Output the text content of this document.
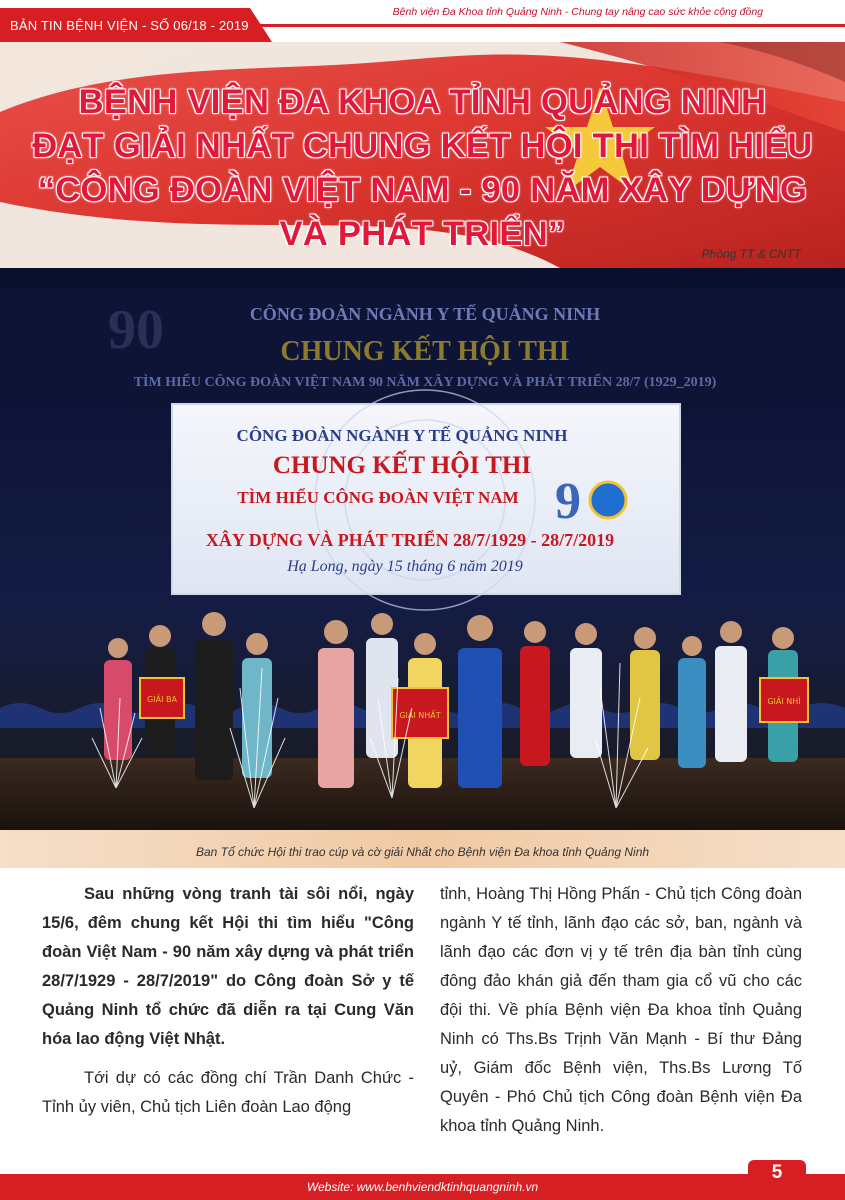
BẢN TIN BỆNH VIỆN - SỐ 06/18 - 2019
Bệnh viện Đa Khoa tỉnh Quảng Ninh - Chung tay nâng cao sức khỏe cộng đồng
BỆNH VIỆN ĐA KHOA TỈNH QUẢNG NINH
ĐẠT GIẢI NHẤT CHUNG KẾT HỘI THI TÌM HIỂU
“CÔNG ĐOÀN VIỆT NAM - 90 NĂM XÂY DỰNG
VÀ PHÁT TRIỂN”
Phòng TT & CNTT
90	CÔNG ĐOÀN NGÀNH Y TẾ QUẢNG NINH
CHUNG KẾT HỘI THI
TÌM HIỂU CÔNG ĐOÀN VIỆT NAM 90 NĂM XÂY DỰNG VÀ PHÁT TRIỂN 28/7 (1929_2019)
CÔNG ĐOÀN NGÀNH Y TẾ QUẢNG NINH
CHUNG KẾT HỘI THI
TÌM HIỂU CÔNG ĐOÀN VIỆT NAM
XÂY DỰNG VÀ PHÁT TRIỂN 28/7/1929 - 28/7/2019
Hạ Long, ngày 15 tháng 6 năm 2019
9
GIẢI BA
GIẢI NHẤT
GIẢI NHÌ
Ban Tổ chức Hội thi trao cúp và cờ giải Nhất cho Bệnh viện Đa khoa tỉnh Quảng Ninh

Sau những vòng tranh tài sôi nổi, ngày 15/6, đêm chung kết Hội thi tìm hiểu "Công đoàn Việt Nam - 90 năm xây dựng và phát triển 28/7/1929 - 28/7/2019" do Công đoàn Sở y tế Quảng Ninh tổ chức đã diễn ra tại Cung Văn hóa lao động Việt Nhật.

Tới dự có các đồng chí Trần Danh Chức - Tỉnh ủy viên, Chủ tịch Liên đoàn Lao động

tỉnh, Hoàng Thị Hồng Phấn - Chủ tịch Công đoàn ngành Y tế tỉnh, lãnh đạo các sở, ban, ngành và lãnh đạo các đơn vị y tế trên địa bàn tỉnh cùng đông đảo khán giả đến tham gia cổ vũ cho các đội thi. Về phía Bệnh viện Đa khoa tỉnh Quảng Ninh có Ths.Bs Trịnh Văn Mạnh - Bí thư Đảng uỷ, Giám đốc Bệnh viện, Ths.Bs Lương Tố Quyên - Phó Chủ tịch Công đoàn Bệnh viện Đa khoa tỉnh Quảng Ninh.

Website: www.benhviendktinhquangninh.vn
5
